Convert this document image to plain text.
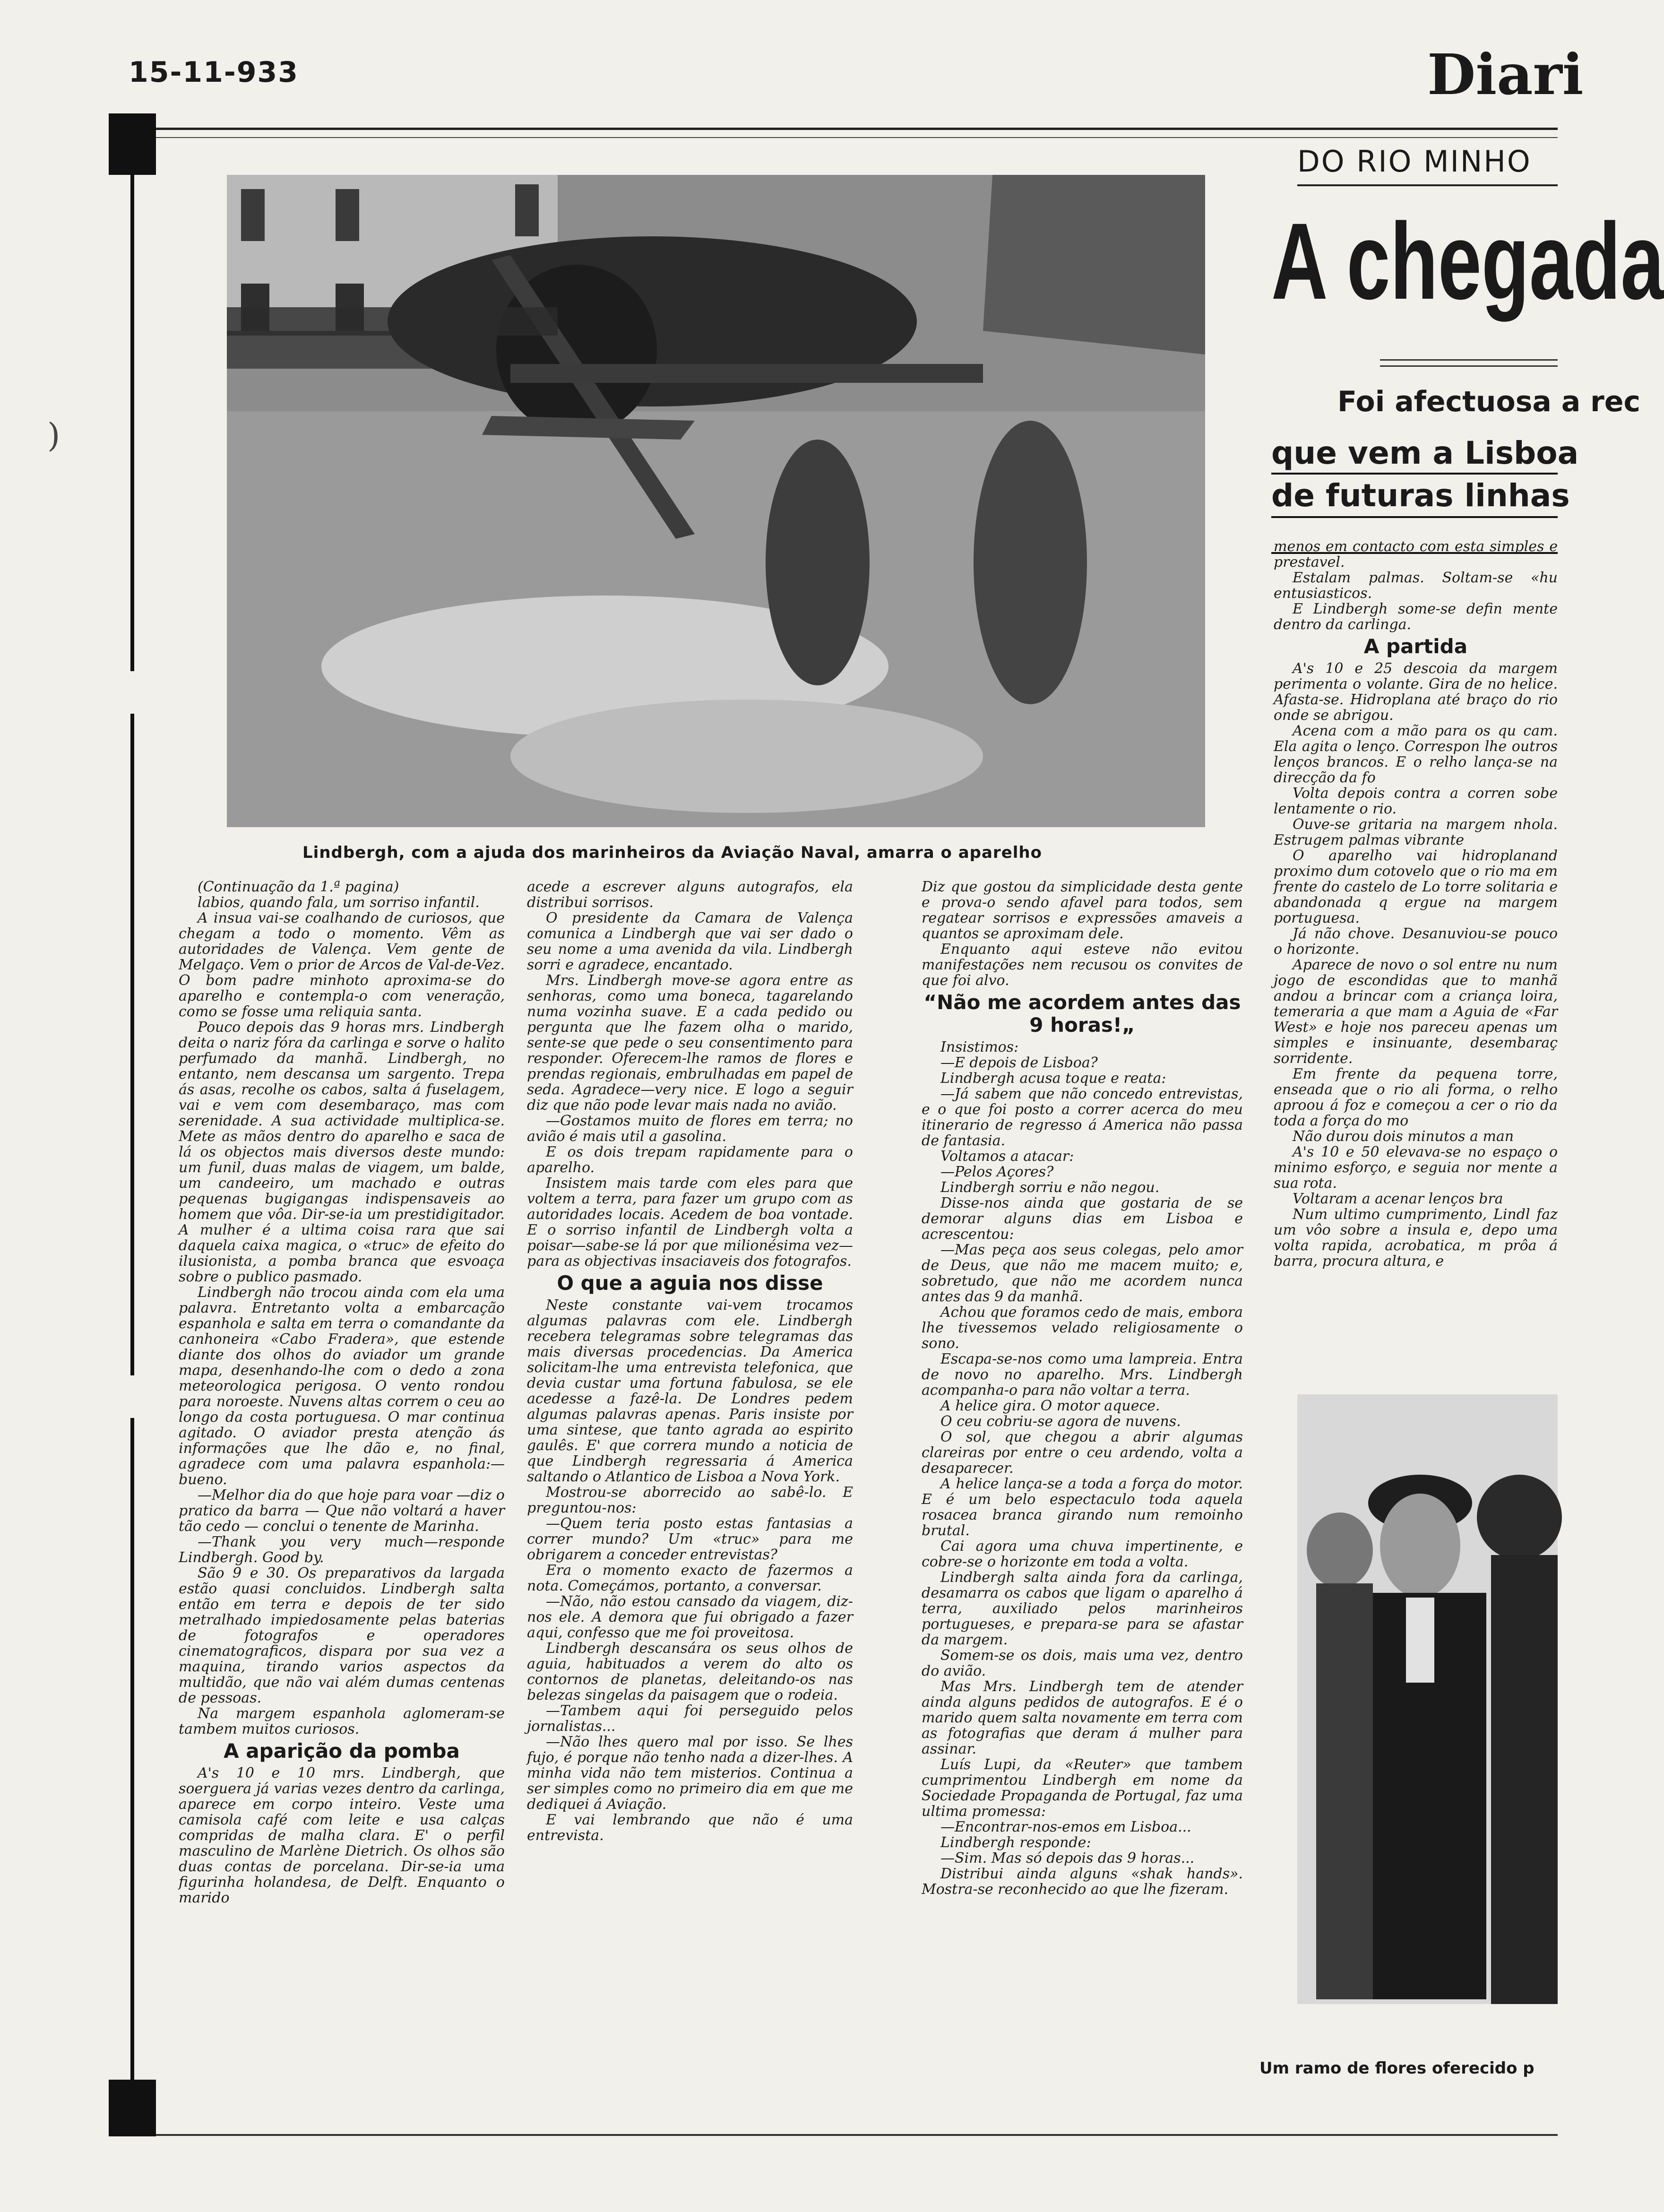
15-11-933	Diari
)
Lindbergh, com a ajuda dos marinheiros da Aviação Naval, amarra o aparelho

(Continuação da 1.ª pagina)

labios, quando fala, um sorriso infantil.

A insua vai-se coalhando de curiosos, que chegam a todo o momento. Vêm as autoridades de Valença. Vem gente de Melgaço. Vem o prior de Arcos de Val-de-Vez. O bom padre minhoto aproxima-se do aparelho e contempla-o com veneração, como se fosse uma reliquia santa.

Pouco depois das 9 horas mrs. Lindbergh deita o nariz fóra da carlinga e sorve o halito perfumado da manhã. Lindbergh, no entanto, nem descansa um sargento. Trepa ás asas, recolhe os cabos, salta á fuselagem, vai e vem com desembaraço, mas com serenidade. A sua actividade multiplica-se. Mete as mãos dentro do aparelho e saca de lá os objectos mais diversos deste mundo: um funil, duas malas de viagem, um balde, um candeeiro, um machado e outras pequenas bugigangas indispensaveis ao homem que vôa. Dir-se-ia um prestidigitador. A mulher é a ultima coisa rara que sai daquela caixa magica, o «truc» de efeito do ilusionista, a pomba branca que esvoaça sobre o publico pasmado.

Lindbergh não trocou ainda com ela uma palavra. Entretanto volta a embarcação espanhola e salta em terra o comandante da canhoneira «Cabo Fradera», que estende diante dos olhos do aviador um grande mapa, desenhando-lhe com o dedo a zona meteorologica perigosa. O vento rondou para noroeste. Nuvens altas correm o ceu ao longo da costa portuguesa. O mar continua agitado. O aviador presta atenção ás informações que lhe dão e, no final, agradece com uma palavra espanhola:—bueno.

—Melhor dia do que hoje para voar —diz o pratico da barra — Que não voltará a haver tão cedo — conclui o tenente de Marinha.

—Thank you very much—responde Lindbergh. Good by.

São 9 e 30. Os preparativos da largada estão quasi concluidos. Lindbergh salta então em terra e depois de ter sido metralhado impiedosamente pelas baterias de fotografos e operadores cinematograficos, dispara por sua vez a maquina, tirando varios aspectos da multidão, que não vai além dumas centenas de pessoas.

Na margem espanhola aglomeram-se tambem muitos curiosos.

A aparição da pomba

A's 10 e 10 mrs. Lindbergh, que soerguera já varias vezes dentro da carlinga, aparece em corpo inteiro. Veste uma camisola café com leite e usa calças compridas de malha clara. E' o perfil masculino de Marlène Dietrich. Os olhos são duas contas de porcelana. Dir-se-ia uma figurinha holandesa, de Delft. Enquanto o marido

acede a escrever alguns autografos, ela distribui sorrisos.

O presidente da Camara de Valença comunica a Lindbergh que vai ser dado o seu nome a uma avenida da vila. Lindbergh sorri e agradece, encantado.

Mrs. Lindbergh move-se agora entre as senhoras, como uma boneca, tagarelando numa vozinha suave. E a cada pedido ou pergunta que lhe fazem olha o marido, sente-se que pede o seu consentimento para responder. Oferecem-lhe ramos de flores e prendas regionais, embrulhadas em papel de seda. Agradece—very nice. E logo a seguir diz que não pode levar mais nada no avião.

—Gostamos muito de flores em terra; no avião é mais util a gasolina.

E os dois trepam rapidamente para o aparelho.

Insistem mais tarde com eles para que voltem a terra, para fazer um grupo com as autoridades locais. Acedem de boa vontade. E o sorriso infantil de Lindbergh volta a poisar—sabe-se lá por que milionésima vez—para as objectivas insaciaveis dos fotografos.

O que a aguia nos disse

Neste constante vai-vem trocamos algumas palavras com ele. Lindbergh recebera telegramas sobre telegramas das mais diversas procedencias. Da America solicitam-lhe uma entrevista telefonica, que devia custar uma fortuna fabulosa, se ele acedesse a fazê-la. De Londres pedem algumas palavras apenas. Paris insiste por uma sintese, que tanto agrada ao espirito gaulês. E' que correra mundo a noticia de que Lindbergh regressaria á America saltando o Atlantico de Lisboa a Nova York.

Mostrou-se aborrecido ao sabê-lo. E preguntou-nos:

—Quem teria posto estas fantasias a correr mundo? Um «truc» para me obrigarem a conceder entrevistas?

Era o momento exacto de fazermos a nota. Começámos, portanto, a conversar.

—Não, não estou cansado da viagem, diz-nos ele. A demora que fui obrigado a fazer aqui, confesso que me foi proveitosa.

Lindbergh descansára os seus olhos de aguia, habituados a verem do alto os contornos de planetas, deleitando-os nas belezas singelas da paisagem que o rodeia.

—Tambem aqui foi perseguido pelos jornalistas...

—Não lhes quero mal por isso. Se lhes fujo, é porque não tenho nada a dizer-lhes. A minha vida não tem misterios. Continua a ser simples como no primeiro dia em que me dediquei á Aviação.

E vai lembrando que não é uma entrevista.

Diz que gostou da simplicidade desta gente e prova-o sendo afavel para todos, sem regatear sorrisos e expressões amaveis a quantos se aproximam dele.

Enquanto aqui esteve não evitou manifestações nem recusou os convites de que foi alvo.

“Não me acordem antes das 9 horas!„

Insistimos:

—E depois de Lisboa?

Lindbergh acusa toque e reata:

—Já sabem que não concedo entrevistas, e o que foi posto a correr acerca do meu itinerario de regresso á America não passa de fantasia.

Voltamos a atacar:

—Pelos Açores?

Lindbergh sorriu e não negou.

Disse-nos ainda que gostaria de se demorar alguns dias em Lisboa e acrescentou:

—Mas peça aos seus colegas, pelo amor de Deus, que não me macem muito; e, sobretudo, que não me acordem nunca antes das 9 da manhã.

Achou que foramos cedo de mais, embora lhe tivessemos velado religiosamente o sono.

Escapa-se-nos como uma lampreia. Entra de novo no aparelho. Mrs. Lindbergh acompanha-o para não voltar a terra.

A helice gira. O motor aquece.

O ceu cobriu-se agora de nuvens.

O sol, que chegou a abrir algumas clareiras por entre o ceu ardendo, volta a desaparecer.

A helice lança-se a toda a força do motor. E é um belo espectaculo toda aquela rosacea branca girando num remoinho brutal.

Cai agora uma chuva impertinente, e cobre-se o horizonte em toda a volta.

Lindbergh salta ainda fora da carlinga, desamarra os cabos que ligam o aparelho á terra, auxiliado pelos marinheiros portugueses, e prepara-se para se afastar da margem.

Somem-se os dois, mais uma vez, dentro do avião.

Mas Mrs. Lindbergh tem de atender ainda alguns pedidos de autografos. E é o marido quem salta novamente em terra com as fotografias que deram á mulher para assinar.

Luís Lupi, da «Reuter» que tambem cumprimentou Lindbergh em nome da Sociedade Propaganda de Portugal, faz uma ultima promessa:

—Encontrar-nos-emos em Lisboa...

Lindbergh responde:

—Sim. Mas só depois das 9 horas...

Distribui ainda alguns «shak hands». Mostra-se reconhecido ao que lhe fizeram.

DO RIO MINHO
A chegada
Foi afectuosa a rec
que vem a Lisboa
de futuras linhas

menos em contacto com esta simples e prestavel.

Estalam palmas. Soltam-se «hu entusiasticos.

E Lindbergh some-se defin mente dentro da carlinga.

A partida

A's 10 e 25 descoia da margem perimenta o volante. Gira de no helice. Afasta-se. Hidroplana até braço do rio onde se abrigou.

Acena com a mão para os qu cam. Ela agita o lenço. Correspon lhe outros lenços brancos. E o relho lança-se na direcção da fo

Volta depois contra a corren sobe lentamente o rio.

Ouve-se gritaria na margem nhola. Estrugem palmas vibrante

O aparelho vai hidroplanand proximo dum cotovelo que o rio ma em frente do castelo de Lo torre solitaria e abandonada q ergue na margem portuguesa.

Já não chove. Desanuviou-se pouco o horizonte.

Aparece de novo o sol entre nu num jogo de escondidas que to manhã andou a brincar com a criança loira, temeraria a que mam a Aguia de «Far West» e hoje nos pareceu apenas um simples e insinuante, desembaraç sorridente.

Em frente da pequena torre, enseada que o rio ali forma, o relho aproou á foz e começou a cer o rio da toda a força do mo

Não durou dois minutos a man

A's 10 e 50 elevava-se no espaço o minimo esforço, e seguia nor mente a sua rota.

Voltaram a acenar lenços bra

Num ultimo cumprimento, Lindl faz um vôo sobre a insula e, depo uma volta rapida, acrobatica, m prôa á barra, procura altura, e

Um ramo de flores oferecido p
